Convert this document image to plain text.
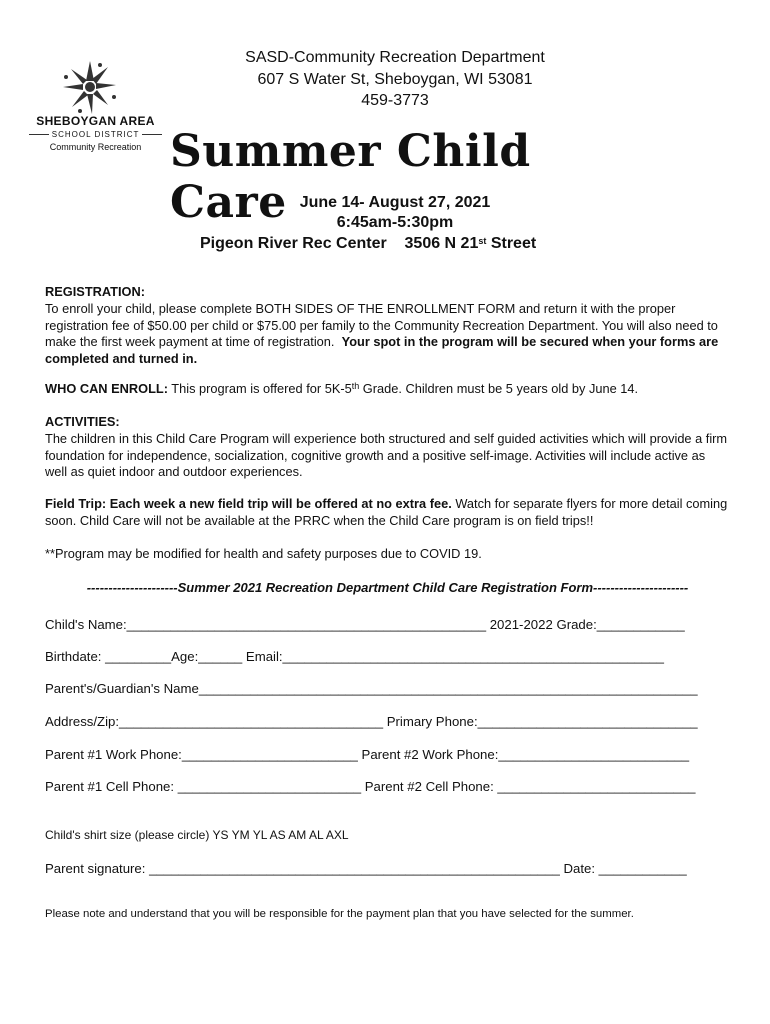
SHEBOYGAN AREA
SCHOOL DISTRICT
Community Recreation
SASD-Community Recreation Department
607 S Water St, Sheboygan, WI 53081
459-3773
Summer Child Care June 14- August 27, 2021
6:45am-5:30pm
Pigeon River Rec Center 3506 N 21st Street
REGISTRATION:
To enroll your child, please complete BOTH SIDES OF THE ENROLLMENT FORM and return it with the proper registration fee of $50.00 per child or $75.00 per family to the Community Recreation Department. You will also need to make the first week payment at time of registration. Your spot in the program will be secured when your forms are completed and turned in.
WHO CAN ENROLL: This program is offered for 5K-5th Grade. Children must be 5 years old by June 14.
ACTIVITIES:
The children in this Child Care Program will experience both structured and self guided activities which will provide a firm foundation for independence, socialization, cognitive growth and a positive self-image. Activities will include active as well as quiet indoor and outdoor experiences.
Field Trip: Each week a new field trip will be offered at no extra fee. Watch for separate flyers for more detail coming soon. Child Care will not be available at the PRRC when the Child Care program is on field trips!!
**Program may be modified for health and safety purposes due to COVID 19.
---------------------Summer 2021 Recreation Department Child Care Registration Form----------------------
Child's Name:_________________________________________________ 2021-2022 Grade:____________
Birthdate: _________Age:______ Email:____________________________________________________
Parent's/Guardian's Name____________________________________________________________________
Address/Zip:____________________________________ Primary Phone:______________________________
Parent #1 Work Phone:________________________ Parent #2 Work Phone:__________________________
Parent #1 Cell Phone: _________________________ Parent #2 Cell Phone: ___________________________
Child's shirt size (please circle) YS YM YL AS AM AL AXL
Parent signature: ________________________________________________________ Date: ____________
Please note and understand that you will be responsible for the payment plan that you have selected for the summer.
